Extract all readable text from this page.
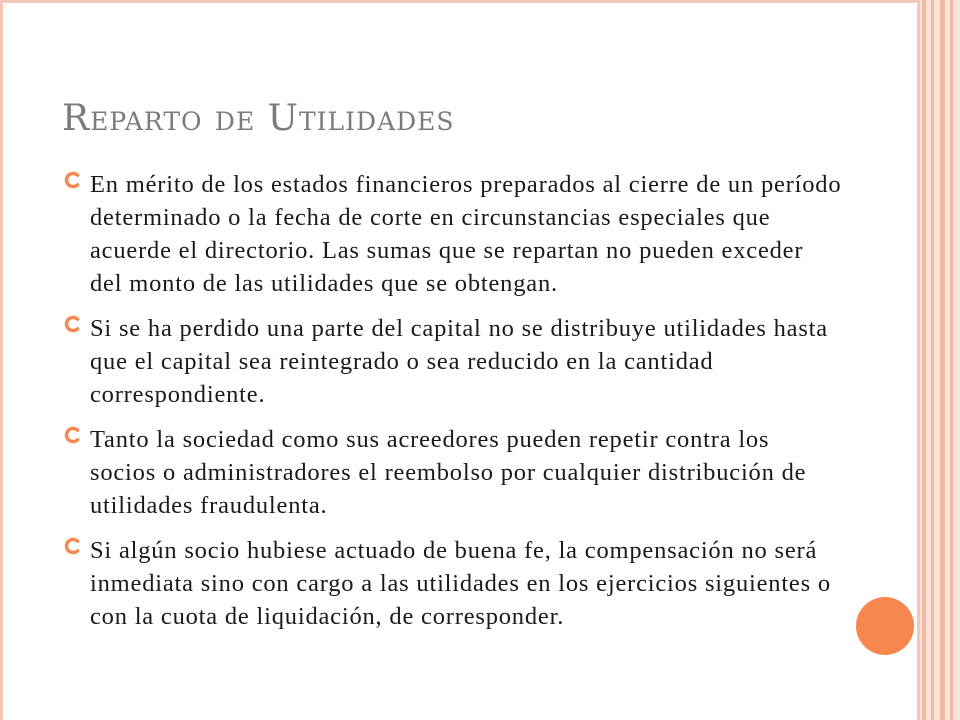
Reparto de Utilidades
En mérito de los estados financieros preparados al cierre de un período determinado o la fecha de corte en circunstancias especiales que acuerde el directorio. Las sumas que se repartan no pueden exceder del monto de las utilidades que se obtengan.
Si se ha perdido una parte del capital no se distribuye utilidades hasta que el capital sea reintegrado o sea reducido en la cantidad correspondiente.
Tanto la sociedad como sus acreedores pueden repetir contra los socios o administradores el reembolso por cualquier distribución de utilidades fraudulenta.
Si algún socio hubiese actuado de buena fe, la compensación no será inmediata sino con cargo a las utilidades en los ejercicios siguientes o con la cuota de liquidación, de corresponder.
